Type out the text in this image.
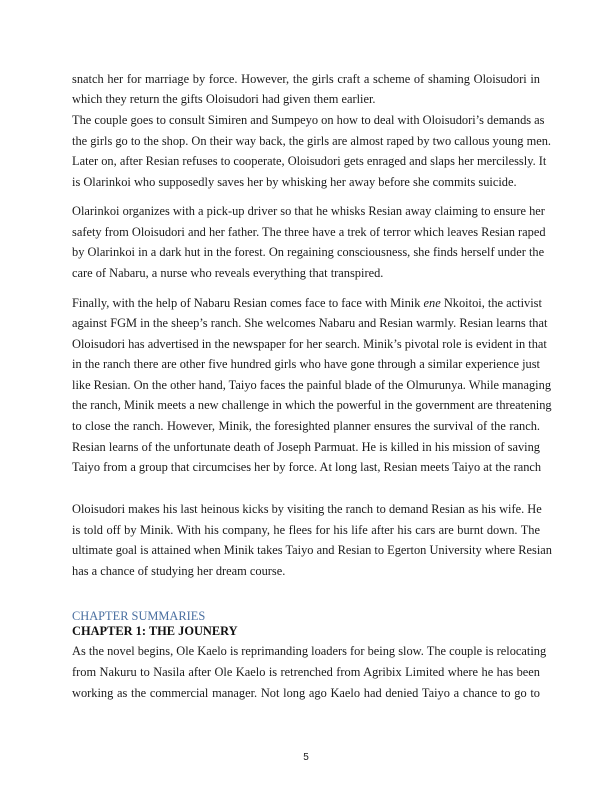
snatch her for marriage by force. However, the girls craft a scheme of shaming Oloisudori in
which they return the gifts Oloisudori had given them earlier.
The couple goes to consult Simiren and Sumpeyo on how to deal with Oloisudori’s demands as
the girls go to the shop. On their way back, the girls are almost raped by two callous young men.
Later on, after Resian refuses to cooperate, Oloisudori gets enraged and slaps her mercilessly. It
is Olarinkoi who supposedly saves her by whisking her away before she commits suicide.
Olarinkoi organizes with a pick-up driver so that he whisks Resian away claiming to ensure her
safety from Oloisudori and her father. The three have a trek of terror which leaves Resian raped
by Olarinkoi in a dark hut in the forest. On regaining consciousness, she finds herself under the
care of Nabaru, a nurse who reveals everything that transpired.
Finally, with the help of Nabaru Resian comes face to face with Minik ene Nkoitoi, the activist
against FGM in the sheep’s ranch. She welcomes Nabaru and Resian warmly. Resian learns that
Oloisudori has advertised in the newspaper for her search. Minik’s pivotal role is evident in that
in the ranch there are other five hundred girls who have gone through a similar experience just
like Resian. On the other hand, Taiyo faces the painful blade of the Olmurunya. While managing
the ranch, Minik meets a new challenge in which the powerful in the government are threatening
to close the ranch. However, Minik, the foresighted planner ensures the survival of the ranch.
Resian learns of the unfortunate death of Joseph Parmuat. He is killed in his mission of saving
Taiyo from a group that circumcises her by force. At long last, Resian meets Taiyo at the ranch
Oloisudori makes his last heinous kicks by visiting the ranch to demand Resian as his wife. He
is told off by Minik. With his company, he flees for his life after his cars are burnt down. The
ultimate goal is attained when Minik takes Taiyo and Resian to Egerton University where Resian
has a chance of studying her dream course.
As the novel begins, Ole Kaelo is reprimanding loaders for being slow. The couple is relocating
from Nakuru to Nasila after Ole Kaelo is retrenched from Agribix Limited where he has been
working as the commercial manager. Not long ago Kaelo had denied Taiyo a chance to go to
CHAPTER SUMMARIES
CHAPTER 1: THE JOUNERY
5
